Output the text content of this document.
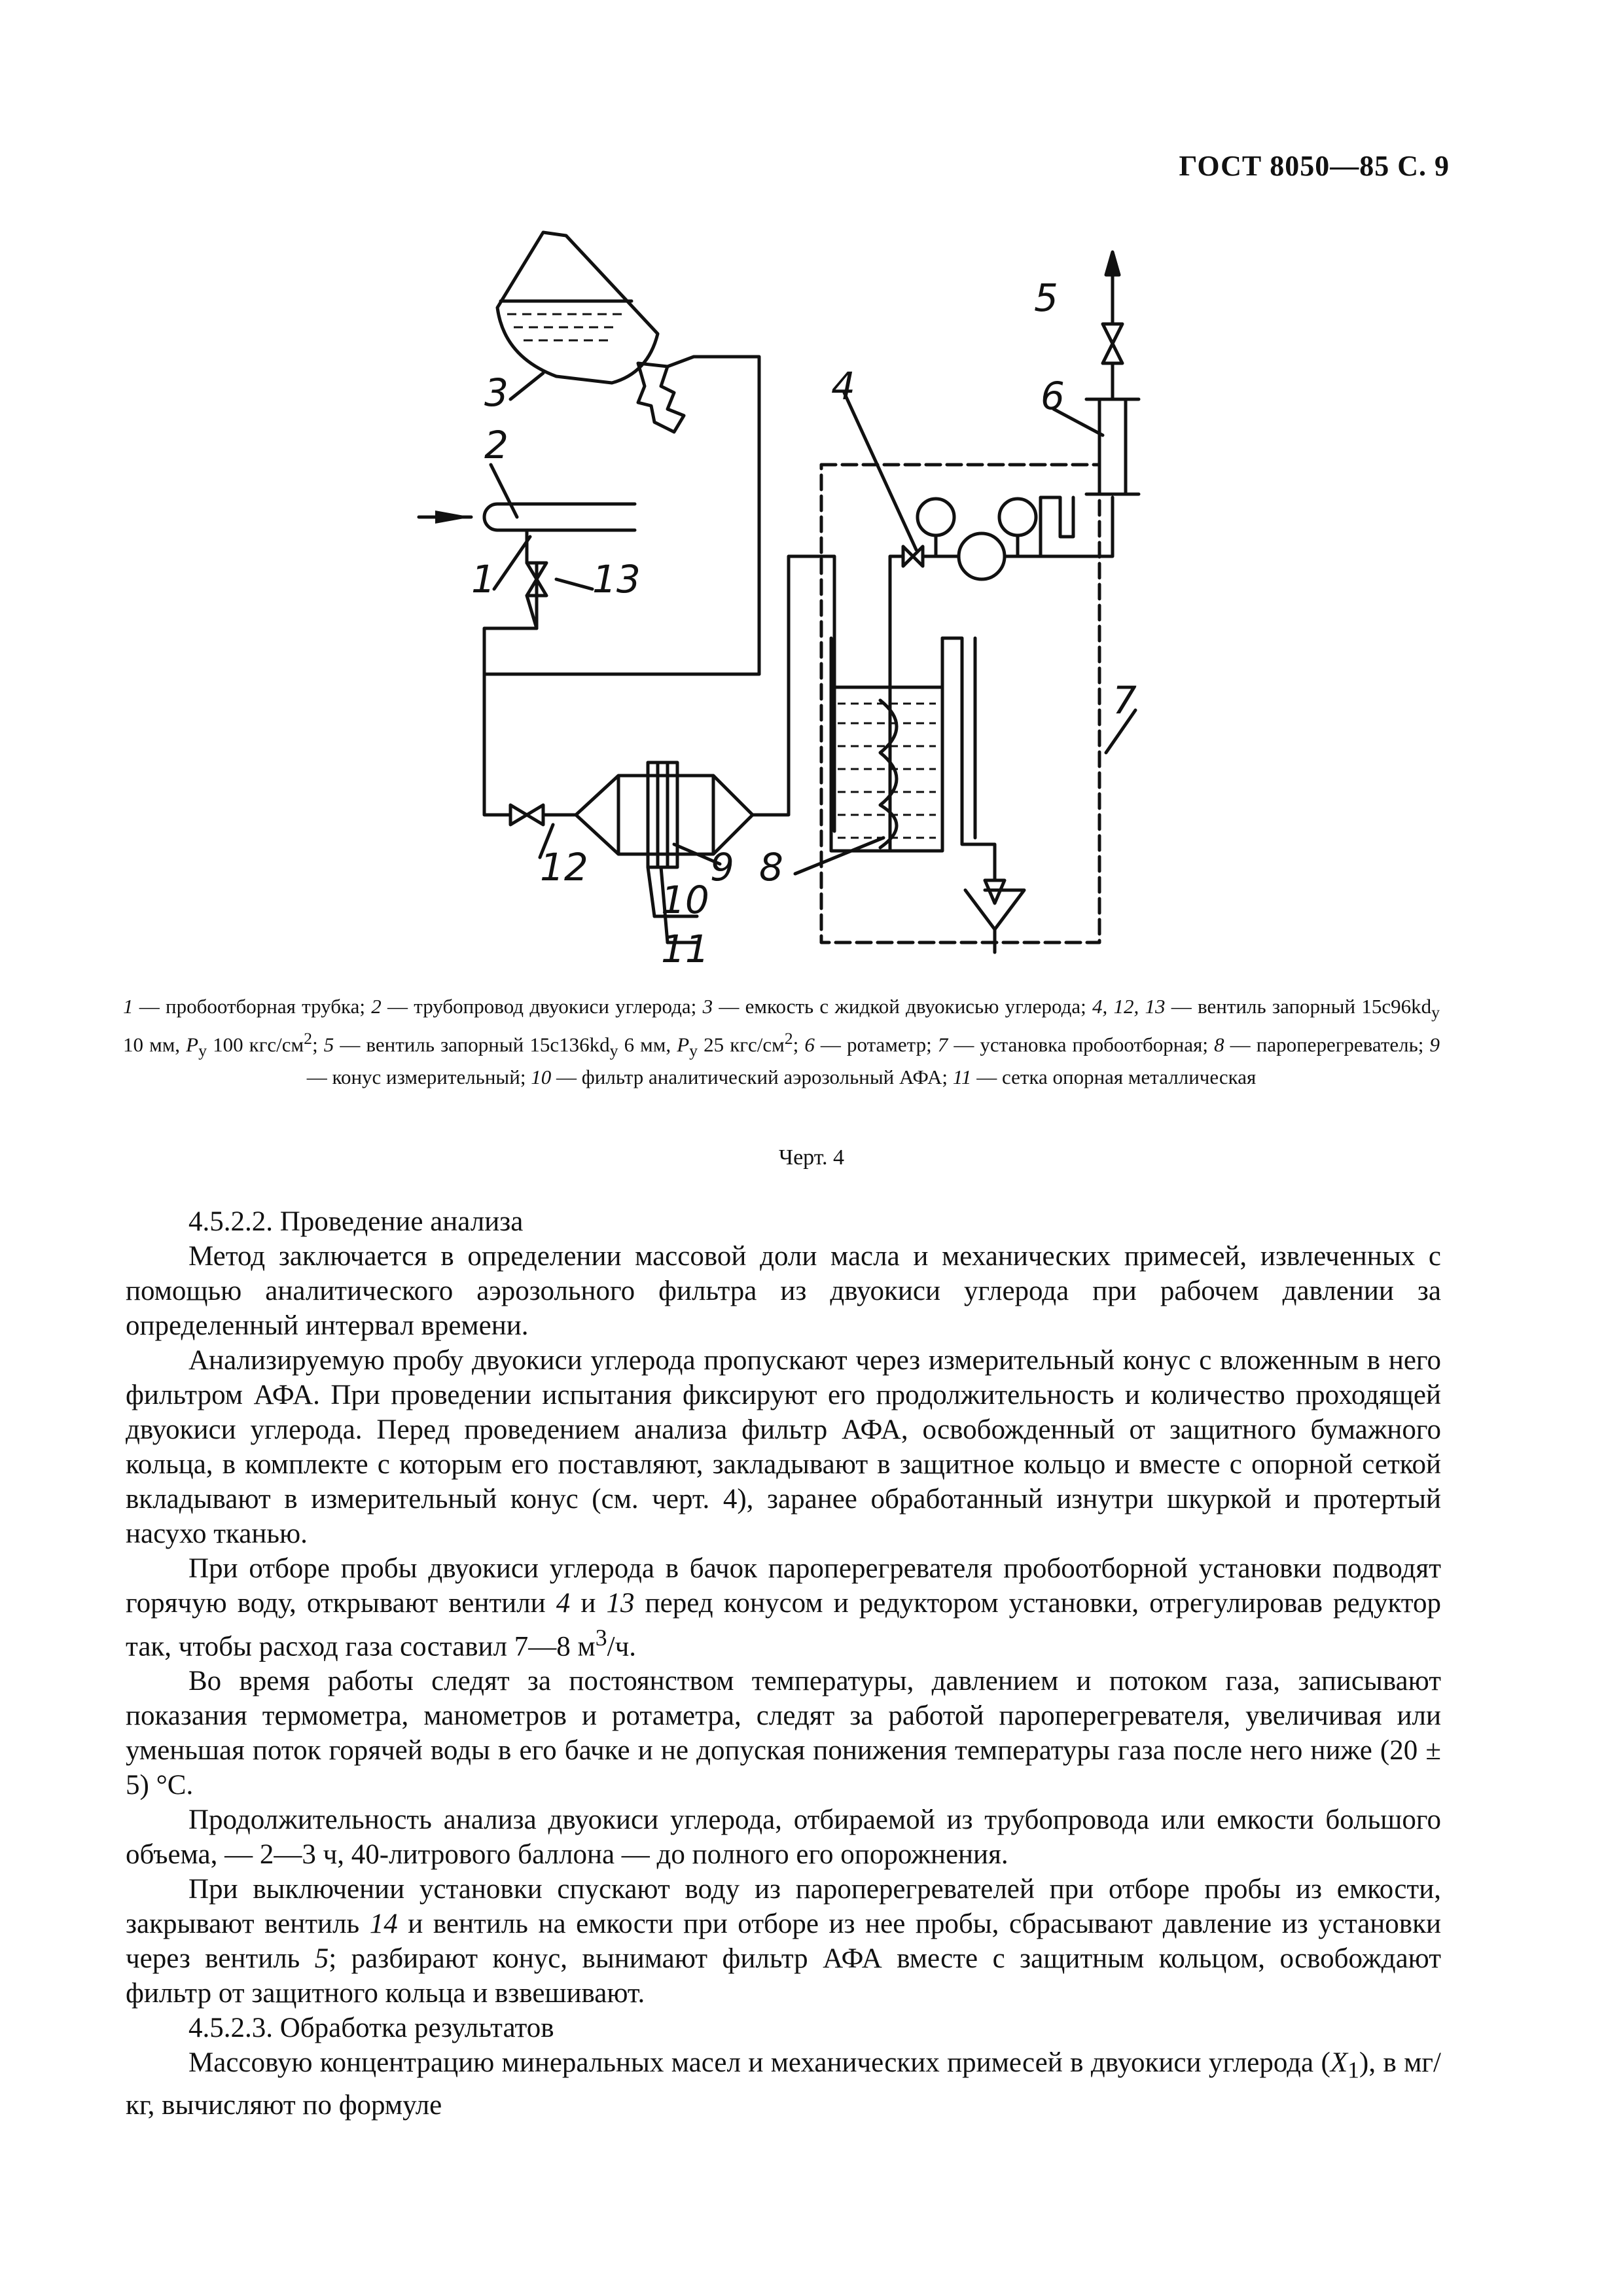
ГОСТ 8050—85 С. 9
3
2
1	13
4
5
6
7
12	9 8
10
11
1 — пробоотборная трубка; 2 — трубопровод двуокиси углерода; 3 — емкость с жидкой двуокисью углерода; 4, 12, 13 — вентиль запорный $15с96kd_y$ 10 мм, $P_y$ 100 кгс/$см^2$; 5 — вентиль запорный $15с136kd_y$ 6 мм, $P_y$ 25 кгс/$см^2$; 6 — ротаметр; 7 — установка пробоотборная; 8 — пароперегреватель; 9 — конус измерительный; 10 — фильтр аналитический аэрозольный АФА; 11 — сетка опорная металлическая
Черт. 4

4.5.2.2. Проведение анализа

Метод заключается в определении массовой доли масла и механических примесей, извлеченных с помощью аналитического аэрозольного фильтра из двуокиси углерода при рабочем давлении за определенный интервал времени.

Анализируемую пробу двуокиси углерода пропускают через измерительный конус с вложенным в него фильтром АФА. При проведении испытания фиксируют его продолжительность и количество проходящей двуокиси углерода. Перед проведением анализа фильтр АФА, освобожденный от защитного бумажного кольца, в комплекте с которым его поставляют, закладывают в защитное кольцо и вместе с опорной сеткой вкладывают в измерительный конус (см. черт. 4), заранее обработанный изнутри шкуркой и протертый насухо тканью.

При отборе пробы двуокиси углерода в бачок пароперегревателя пробоотборной установки подводят горячую воду, открывают вентили 4 и 13 перед конусом и редуктором установки, отрегулировав редуктор так, чтобы расход газа составил 7—8 $м^3/ч$.

Во время работы следят за постоянством температуры, давлением и потоком газа, записывают показания термометра, манометров и ротаметра, следят за работой пароперегревателя, увеличивая или уменьшая поток горячей воды в его бачке и не допуская понижения температуры газа после него ниже (20 ± 5) °С.

Продолжительность анализа двуокиси углерода, отбираемой из трубопровода или емкости большого объема, — 2—3 ч, 40-литрового баллона — до полного его опорожнения.

При выключении установки спускают воду из пароперегревателей при отборе пробы из емкости, закрывают вентиль 14 и вентиль на емкости при отборе из нее пробы, сбрасывают давление из установки через вентиль 5; разбирают конус, вынимают фильтр АФА вместе с защитным кольцом, освобождают фильтр от защитного кольца и взвешивают.

4.5.2.3. Обработка результатов

Массовую концентрацию минеральных масел и механических примесей в двуокиси углерода $(X_1)$, в мг/кг, вычисляют по формуле
